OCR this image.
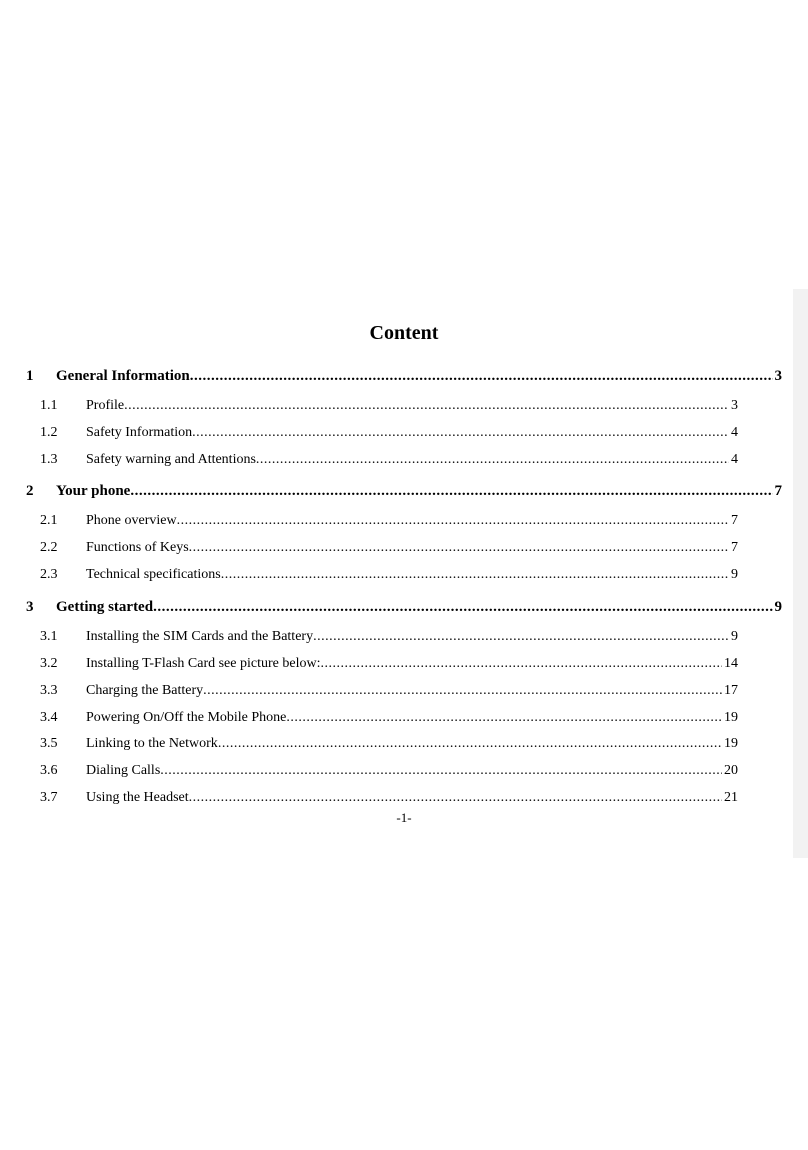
Content
1	General Information .....	3
1.1	Profile .....	3
1.2	Safety Information .....	4
1.3	Safety warning and Attentions .....	4
2	Your phone .....	7
2.1	Phone overview .....	7
2.2	Functions of Keys .....	7
2.3	Technical specifications .....	9
3	Getting started .....	9
3.1	Installing the SIM Cards and the Battery .....	9
3.2	Installing T-Flash Card see picture below: .....	14
3.3	Charging the Battery .....	17
3.4	Powering On/Off the Mobile Phone .....	19
3.5	Linking to the Network .....	19
3.6	Dialing Calls .....	20
3.7	Using the Headset .....	21
-1-
